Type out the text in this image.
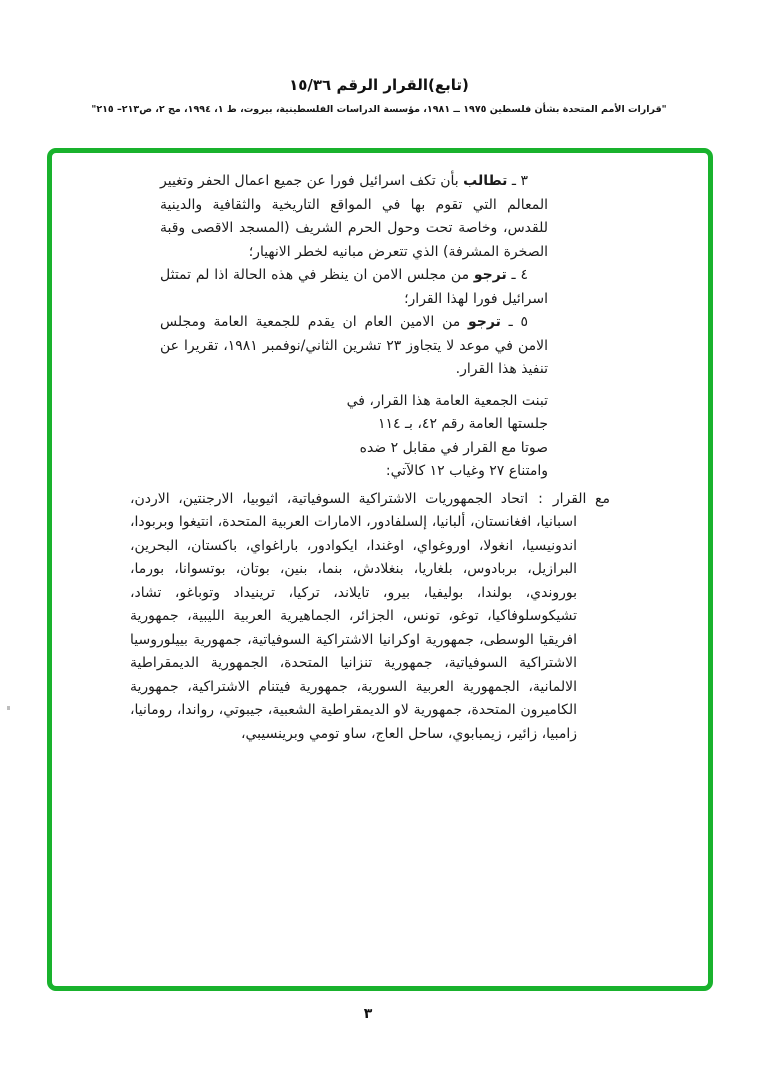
(تابع)القرار الرقم ١٥/٣٦
"قرارات الأمم المتحدة بشأن فلسطين ١٩٧٥ ــ ١٩٨١، مؤسسة الدراسات الفلسطينية، بيروت، ط ١، ١٩٩٤، مج ٢، ص٢١٣– ٢١٥"

٣ ـ تطالب بأن تكف اسرائيل فورا عن جميع اعمال الحفر وتغيير المعالم التي تقوم بها في المواقع التاريخية والثقافية والدينية للقدس، وخاصة تحت وحول الحرم الشريف (المسجد الاقصى وقبة الصخرة المشرفة) الذي تتعرض مبانيه لخطر الانهيار؛

٤ ـ ترجو من مجلس الامن ان ينظر في هذه الحالة اذا لم تمتثل اسرائيل فورا لهذا القرار؛

٥ ـ ترجو من الامين العام ان يقدم للجمعية العامة ومجلس الامن في موعد لا يتجاوز ٢٣ تشرين الثاني/نوفمبر ١٩٨١، تقريرا عن تنفيذ هذا القرار.

تبنت الجمعية العامة هذا القرار، في
جلستها العامة رقم ٤٢، بـ ١١٤
صوتا مع القرار في مقابل ٢ ضده
وامتناع ٢٧ وغياب ١٢ كالآتي:
مع القرار:اتحاد الجمهوريات الاشتراكية السوفياتية، اثيوبيا، الارجنتين، الاردن، اسبانيا، افغانستان، ألبانيا، إلسلفادور، الامارات العربية المتحدة، انتيغوا وبربودا، اندونيسيا، انغولا، اوروغواي، اوغندا، ايكوادور، باراغواي، باكستان، البحرين، البرازيل، بربادوس، بلغاريا، بنغلادش، بنما، بنين، بوتان، بوتسوانا، بورما، بوروندي، بولندا، بوليفيا، بيرو، تايلاند، تركيا، ترينيداد وتوباغو، تشاد، تشيكوسلوفاكيا، توغو، تونس، الجزائر، الجماهيرية العربية الليبية، جمهورية افريقيا الوسطى، جمهورية اوكرانيا الاشتراكية السوفياتية، جمهورية بييلوروسيا الاشتراكية السوفياتية، جمهورية تنزانيا المتحدة، الجمهورية الديمقراطية الالمانية، الجمهورية العربية السورية، جمهورية فيتنام الاشتراكية، جمهورية الكاميرون المتحدة، جمهورية لاو الديمقراطية الشعبية، جيبوتي، رواندا، رومانيا، زامبيا، زائير، زيمبابوي، ساحل العاج، ساو تومي وبرينسيبي،
٣
